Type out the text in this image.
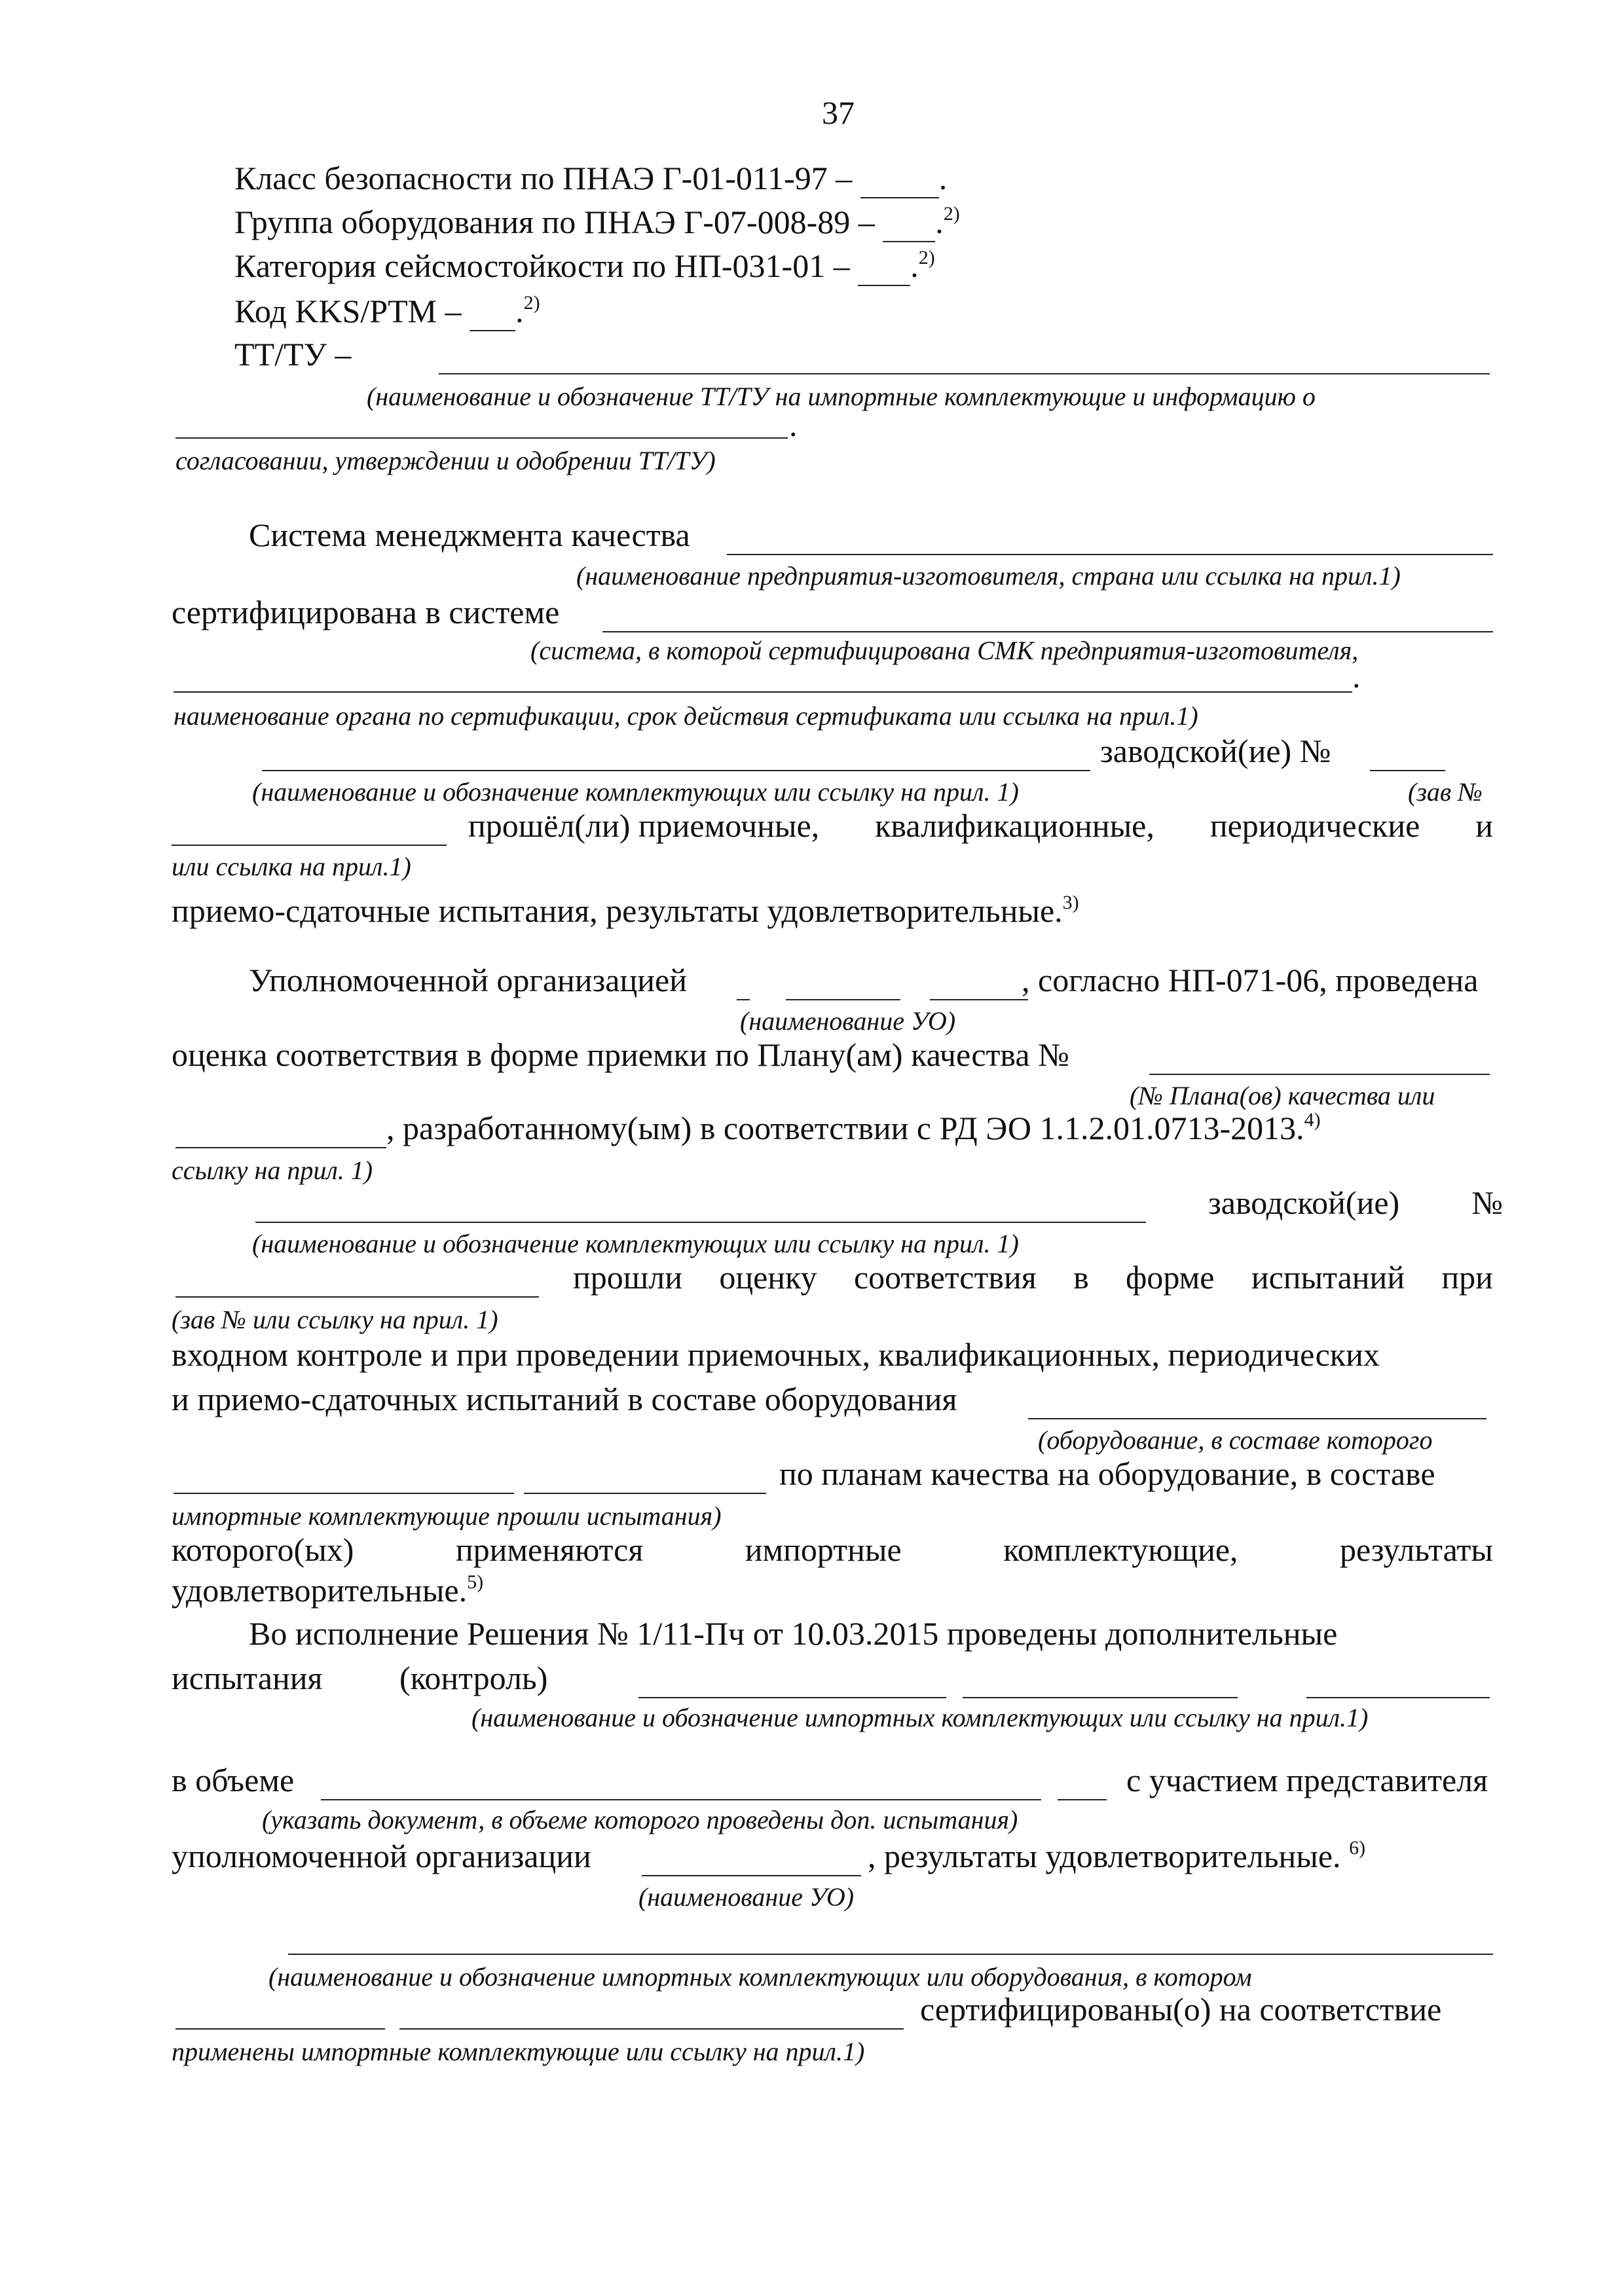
37
Класс безопасности по ПНАЭ Г-01-011-97 –	.
Группа оборудования по ПНАЭ Г-07-008-89 – .$^{2)}$
Категория сейсмостойкости по НП-031-01 – .$^{2)}$
Код KKS/PTM – .$^{2)}$
ТТ/ТУ –
(наименование и обозначение ТТ/ТУ на импортные комплектующие и информацию о
.
согласовании, утверждении и одобрении ТТ/ТУ)
Система менеджмента качества
(наименование предприятия-изготовителя, страна или ссылка на прил.1)
сертифицирована в системе
(система, в которой сертифицирована СМК предприятия-изготовителя,
.
наименование органа по сертификации, срок действия сертификата или ссылка на прил.1)
заводской(ие) №
(наименование и обозначение комплектующих или ссылку на прил. 1)	(зав №
прошёл(ли) приемочные, квалификационные, периодические и
или ссылка на прил.1)
приемо-сдаточные испытания, результаты удовлетворительные.$^{3)}$
Уполномоченной организацией	, согласно НП-071-06, проведена
(наименование УО)
оценка соответствия в форме приемки по Плану(ам) качества №
(№ Плана(ов) качества или
, разработанному(ым) в соответствии с РД ЭО 1.1.2.01.0713-2013.$^{4)}$
ссылку на прил. 1)
заводской(ие) №
(наименование и обозначение комплектующих или ссылку на прил. 1)
прошли оценку соответствия в форме испытаний при
(зав № или ссылку на прил. 1)
входном контроле и при проведении приемочных, квалификационных, периодических
и приемо-сдаточных испытаний в составе оборудования
(оборудование, в составе которого
по планам качества на оборудование, в составе
импортные комплектующие прошли испытания)
которого(ых)	применяются	импортные	комплектующие,	результаты
удовлетворительные.$^{5)}$
Во исполнение Решения № 1/11-Пч от 10.03.2015 проведены дополнительные
испытания (контроль)
(наименование и обозначение импортных комплектующих или ссылку на прил.1)
в объеме	с участием представителя
(указать документ, в объеме которого проведены доп. испытания)
уполномоченной организации	, результаты удовлетворительные. $^{6)}$
(наименование УО)
(наименование и обозначение импортных комплектующих или оборудования, в котором
сертифицированы(о) на соответствие
применены импортные комплектующие или ссылку на прил.1)
